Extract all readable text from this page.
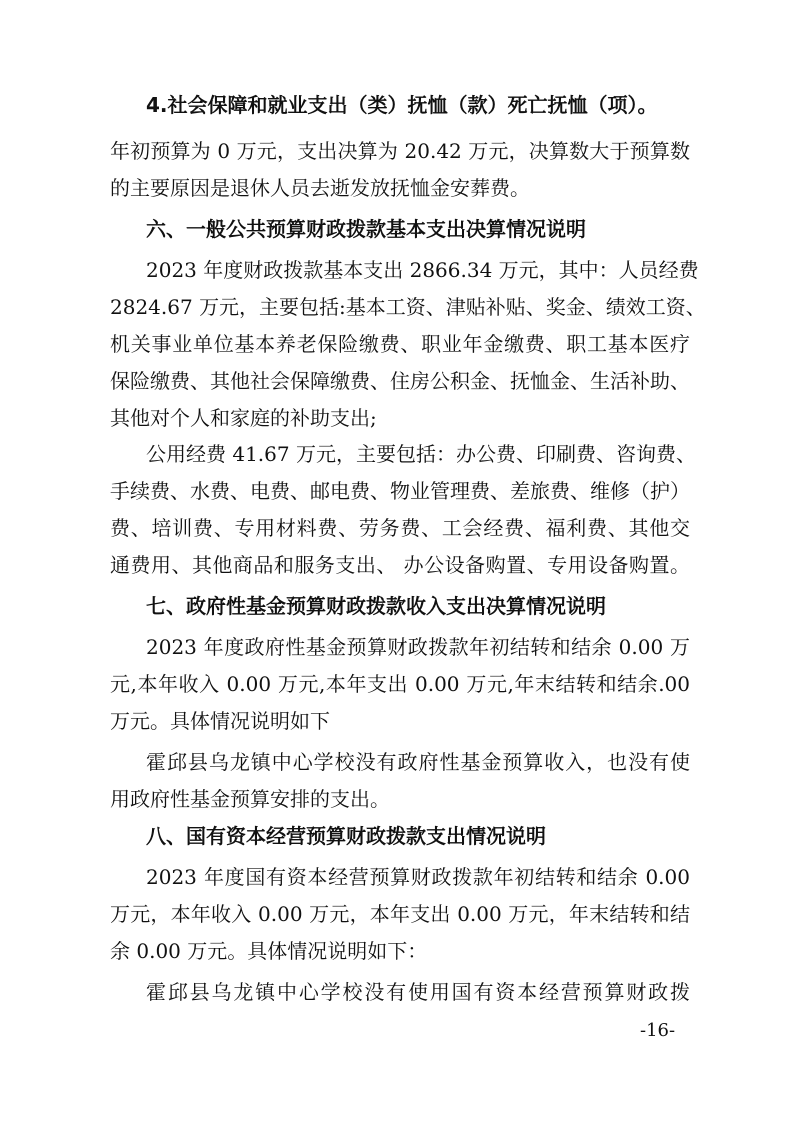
4.社会保障和就业支出（类）抚恤（款）死亡抚恤（项）。
年初预算为 0 万元，支出决算为 20.42 万元，决算数大于预算数
的主要原因是退休人员去逝发放抚恤金安葬费。
六、一般公共预算财政拨款基本支出决算情况说明
2023 年度财政拨款基本支出 2866.34 万元，其中：人员经费
2824.67 万元，主要包括:基本工资、津贴补贴、奖金、绩效工资、
机关事业单位基本养老保险缴费、职业年金缴费、职工基本医疗
保险缴费、其他社会保障缴费、住房公积金、抚恤金、生活补助、
其他对个人和家庭的补助支出;
公用经费 41.67 万元，主要包括：办公费、印刷费、咨询费、
手续费、水费、电费、邮电费、物业管理费、差旅费、维修（护）
费、培训费、专用材料费、劳务费、工会经费、福利费、其他交
通费用、其他商品和服务支出、 办公设备购置、专用设备购置。
七、政府性基金预算财政拨款收入支出决算情况说明
2023 年度政府性基金预算财政拨款年初结转和结余 0.00 万
元,本年收入 0.00 万元,本年支出 0.00 万元,年末结转和结余.00
万元。具体情况说明如下
霍邱县乌龙镇中心学校没有政府性基金预算收入，也没有使
用政府性基金预算安排的支出。
八、国有资本经营预算财政拨款支出情况说明
2023 年度国有资本经营预算财政拨款年初结转和结余 0.00
万元，本年收入 0.00 万元，本年支出 0.00 万元，年末结转和结
余 0.00 万元。具体情况说明如下：
霍邱县乌龙镇中心学校没有使用国有资本经营预算财政拨
-16-
